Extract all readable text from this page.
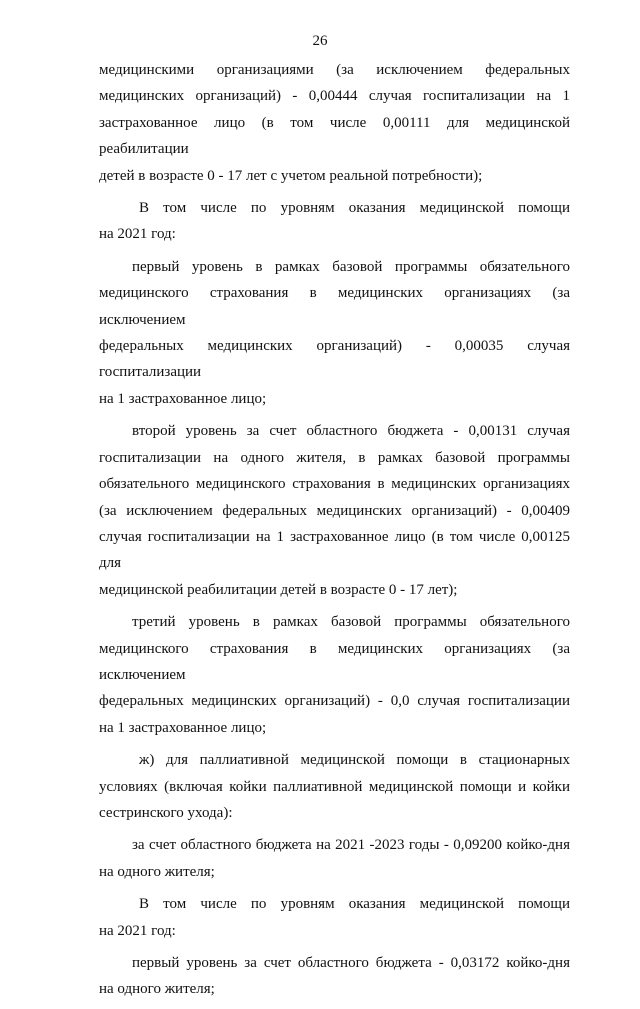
26
медицинскими организациями (за исключением федеральных
медицинских организаций) - 0,00444 случая госпитализации на 1
застрахованное лицо (в том числе 0,00111 для медицинской реабилитации
детей в возрасте 0 - 17 лет с учетом реальной потребности);
В том числе по уровням оказания медицинской помощи
на 2021 год:
первый уровень в рамках базовой программы обязательного
медицинского страхования в медицинских организациях (за исключением
федеральных медицинских организаций) - 0,00035 случая госпитализации
на 1 застрахованное лицо;
второй уровень за счет областного бюджета - 0,00131 случая
госпитализации на одного жителя, в рамках базовой программы
обязательного медицинского страхования в медицинских организациях
(за исключением федеральных медицинских организаций) - 0,00409
случая госпитализации на 1 застрахованное лицо (в том числе 0,00125 для
медицинской реабилитации детей в возрасте 0 - 17 лет);
третий уровень в рамках базовой программы обязательного
медицинского страхования в медицинских организациях (за исключением
федеральных медицинских организаций) - 0,0 случая госпитализации
на 1 застрахованное лицо;
ж) для паллиативной медицинской помощи в стационарных
условиях (включая койки паллиативной медицинской помощи и койки
сестринского ухода):
за счет областного бюджета на 2021 -2023 годы - 0,09200 койко-дня
на одного жителя;
В том числе по уровням оказания медицинской помощи
на 2021 год:
первый уровень за счет областного бюджета - 0,03172 койко-дня
на одного жителя;
